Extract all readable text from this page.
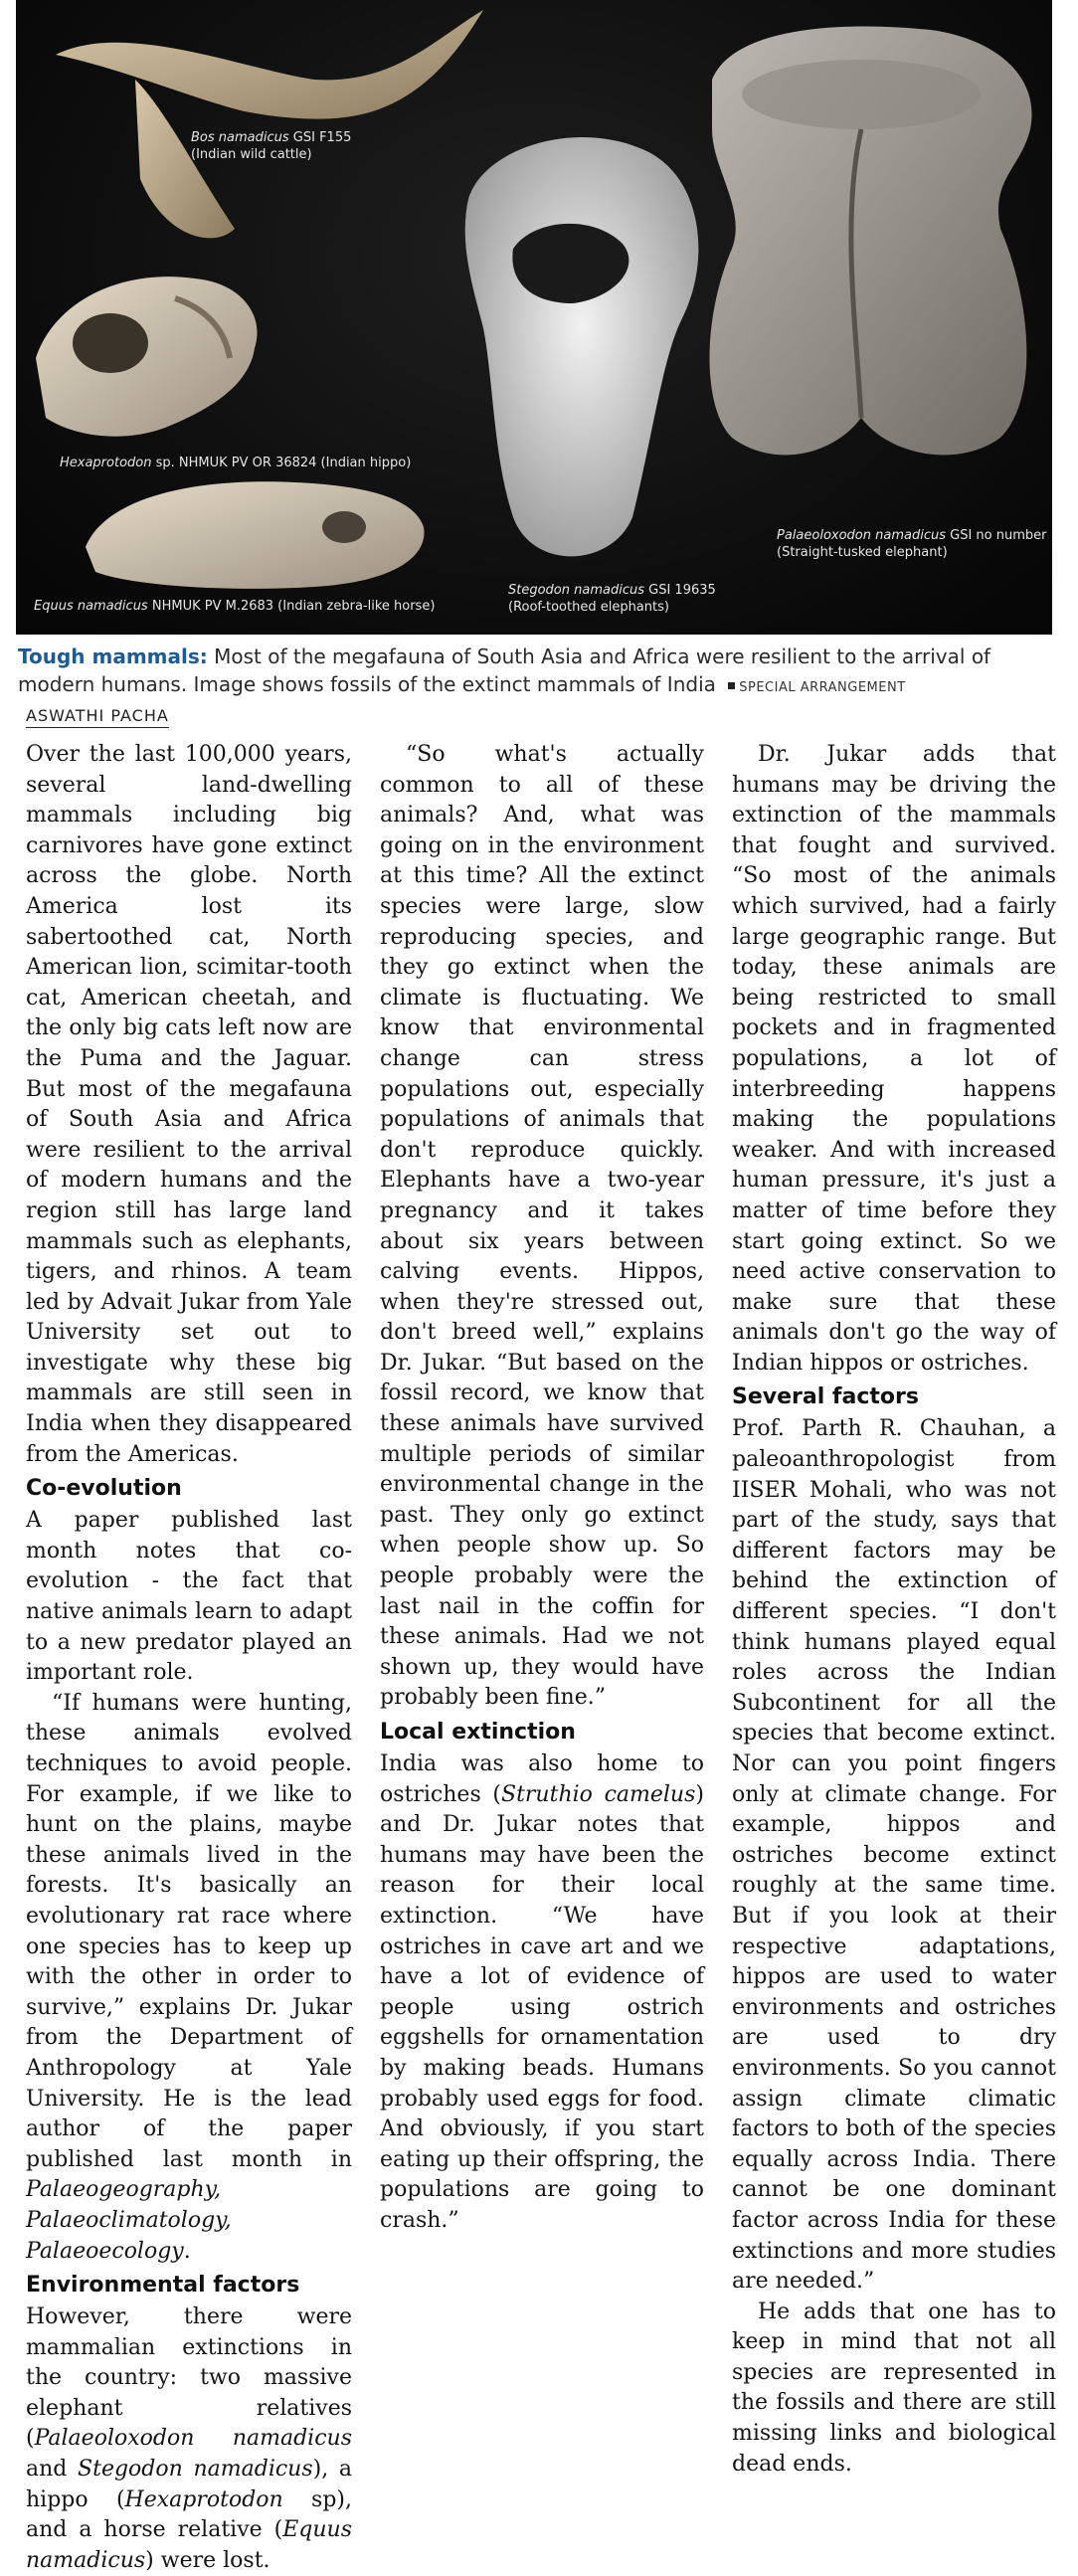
Bos namadicus GSI F155
(Indian wild cattle)
Hexaprotodon sp. NHMUK PV OR 36824 (Indian hippo)
Equus namadicus NHMUK PV M.2683 (Indian zebra-like horse)
Stegodon namadicus GSI 19635
(Roof-toothed elephants)
Palaeoloxodon namadicus GSI no number
(Straight-tusked elephant)
Tough mammals: Most of the megafauna of South Asia and Africa were resilient to the arrival of modern humans. Image shows fossils of the extinct mammals of India SPECIAL ARRANGEMENT
ASWATHI PACHA

Over the last 100,000 years, several land-dwelling mammals including big carnivores have gone extinct across the globe. North America lost its sabertoothed cat, North American lion, scimitar-tooth cat, American cheetah, and the only big cats left now are the Puma and the Jaguar. But most of the megafauna of South Asia and Africa were resilient to the arrival of modern humans and the region still has large land mammals such as elephants, tigers, and rhinos. A team led by Advait Jukar from Yale University set out to investigate why these big mammals are still seen in India when they disappeared from the Americas.

Co-evolution

A paper published last month notes that co-evolution - the fact that native animals learn to adapt to a new predator played an important role.

“If humans were hunting, these animals evolved techniques to avoid people. For example, if we like to hunt on the plains, maybe these animals lived in the forests. It's basically an evolutionary rat race where one species has to keep up with the other in order to survive,” explains Dr. Jukar from the Department of Anthropology at Yale University. He is the lead author of the paper published last month in Palaeogeography, Palaeoclimatology, Palaeoecology.

Environmental factors

However, there were mammalian extinctions in the country: two massive elephant relatives (Palaeoloxodon namadicus and Stegodon namadicus), a hippo (Hexaprotodon sp), and a horse relative (Equus namadicus) were lost.

“So what's actually common to all of these animals? And, what was going on in the environment at this time? All the extinct species were large, slow reproducing species, and they go extinct when the climate is fluctuating. We know that environmental change can stress populations out, especially populations of animals that don't reproduce quickly. Elephants have a two-year pregnancy and it takes about six years between calving events. Hippos, when they're stressed out, don't breed well,” explains Dr. Jukar. “But based on the fossil record, we know that these animals have survived multiple periods of similar environmental change in the past. They only go extinct when people show up. So people probably were the last nail in the coffin for these animals. Had we not shown up, they would have probably been fine.”

Local extinction

India was also home to ostriches (Struthio camelus) and Dr. Jukar notes that humans may have been the reason for their local extinction. “We have ostriches in cave art and we have a lot of evidence of people using ostrich eggshells for ornamentation by making beads. Humans probably used eggs for food. And obviously, if you start eating up their offspring, the populations are going to crash.”

Dr. Jukar adds that humans may be driving the extinction of the mammals that fought and survived. “So most of the animals which survived, had a fairly large geographic range. But today, these animals are being restricted to small pockets and in fragmented populations, a lot of interbreeding happens making the populations weaker. And with increased human pressure, it's just a matter of time before they start going extinct. So we need active conservation to make sure that these animals don't go the way of Indian hippos or ostriches.

Several factors

Prof. Parth R. Chauhan, a paleoanthropologist from IISER Mohali, who was not part of the study, says that different factors may be behind the extinction of different species. “I don't think humans played equal roles across the Indian Subcontinent for all the species that become extinct. Nor can you point fingers only at climate change. For example, hippos and ostriches become extinct roughly at the same time. But if you look at their respective adaptations, hippos are used to water environments and ostriches are used to dry environments. So you cannot assign climate climatic factors to both of the species equally across India. There cannot be one dominant factor across India for these extinctions and more studies are needed.”

He adds that one has to keep in mind that not all species are represented in the fossils and there are still missing links and biological dead ends.
